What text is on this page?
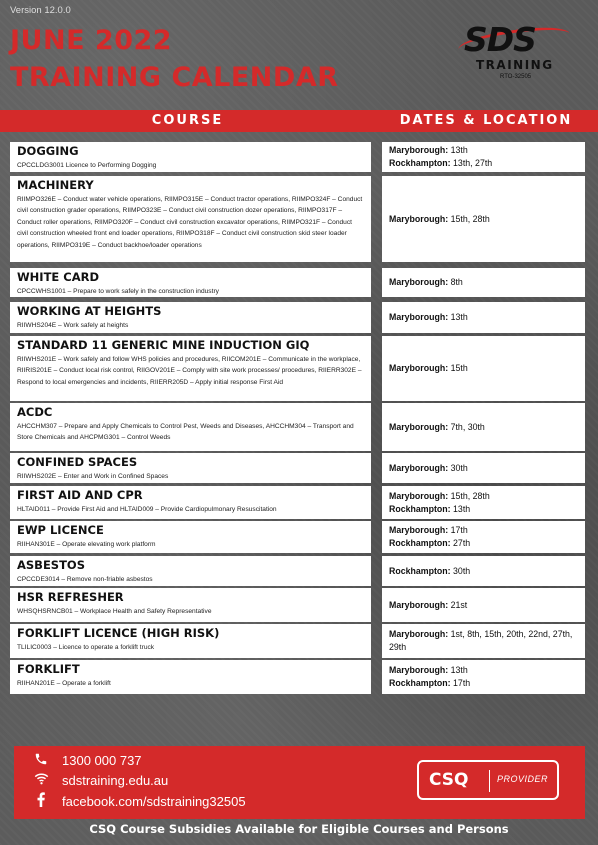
Version 12.0.0
JUNE 2022
TRAINING CALENDAR
SDS
TRAINING
RTO-32505
COURSE	DATES & LOCATION
DOGGING
CPCCLDG3001 Licence to Performing Dogging
Maryborough: 13th
Rockhampton: 13th, 27th
MACHINERY
RIIMPO326E – Conduct water vehicle operations, RIIMPO315E – Conduct tractor operations, RIIMPO324F – Conduct civil construction grader operations, RIIMPO323E – Conduct civil construction dozer operations, RIIMPO317F – Conduct roller operations, RIIMPO320F – Conduct civil construction excavator operations, RIIMPO321F – Conduct civil construction wheeled front end loader operations, RIIMPO318F – Conduct civil construction skid steer loader operations, RIIMPO319E – Conduct backhoe/loader operations
Maryborough: 15th, 28th
WHITE CARD
CPCCWHS1001 – Prepare to work safely in the construction industry
Maryborough: 8th
WORKING AT HEIGHTS
RIIWHS204E – Work safely at heights
Maryborough: 13th
STANDARD 11 GENERIC MINE INDUCTION GIQ
RIIWHS201E – Work safely and follow WHS policies and procedures, RIICOM201E – Communicate in the workplace, RIIRIS201E – Conduct local risk control, RIIGOV201E – Comply with site work processes/ procedures, RIIERR302E – Respond to local emergencies and incidents, RIIERR205D – Apply initial response First Aid
Maryborough: 15th
ACDC
AHCCHM307 – Prepare and Apply Chemicals to Control Pest, Weeds and Diseases, AHCCHM304 – Transport and Store Chemicals and AHCPMG301 – Control Weeds
Maryborough: 7th, 30th
CONFINED SPACES
RIIWHS202E – Enter and Work in Confined Spaces
Maryborough: 30th
FIRST AID AND CPR
HLTAID011 – Provide First Aid and HLTAID009 – Provide Cardiopulmonary Resuscitation
Maryborough: 15th, 28th
Rockhampton: 13th
EWP LICENCE
RIIHAN301E – Operate elevating work platform
Maryborough: 17th
Rockhampton: 27th
ASBESTOS
CPCCDE3014 – Remove non-friable asbestos
Rockhampton: 30th
HSR REFRESHER
WHSQHSRNCB01 – Workplace Health and Safety Representative
Maryborough: 21st
FORKLIFT LICENCE (HIGH RISK)
TLILIC0003 – Licence to operate a forklift truck
Maryborough: 1st, 8th, 15th, 20th, 22nd, 27th, 29th
FORKLIFT
RIIHAN201E – Operate a forklift
Maryborough: 13th
Rockhampton: 17th
1300 000 737
sdstraining.edu.au
facebook.com/sdstraining32505
CSQ	PROVIDER
CSQ Course Subsidies Available for Eligible Courses and Persons
